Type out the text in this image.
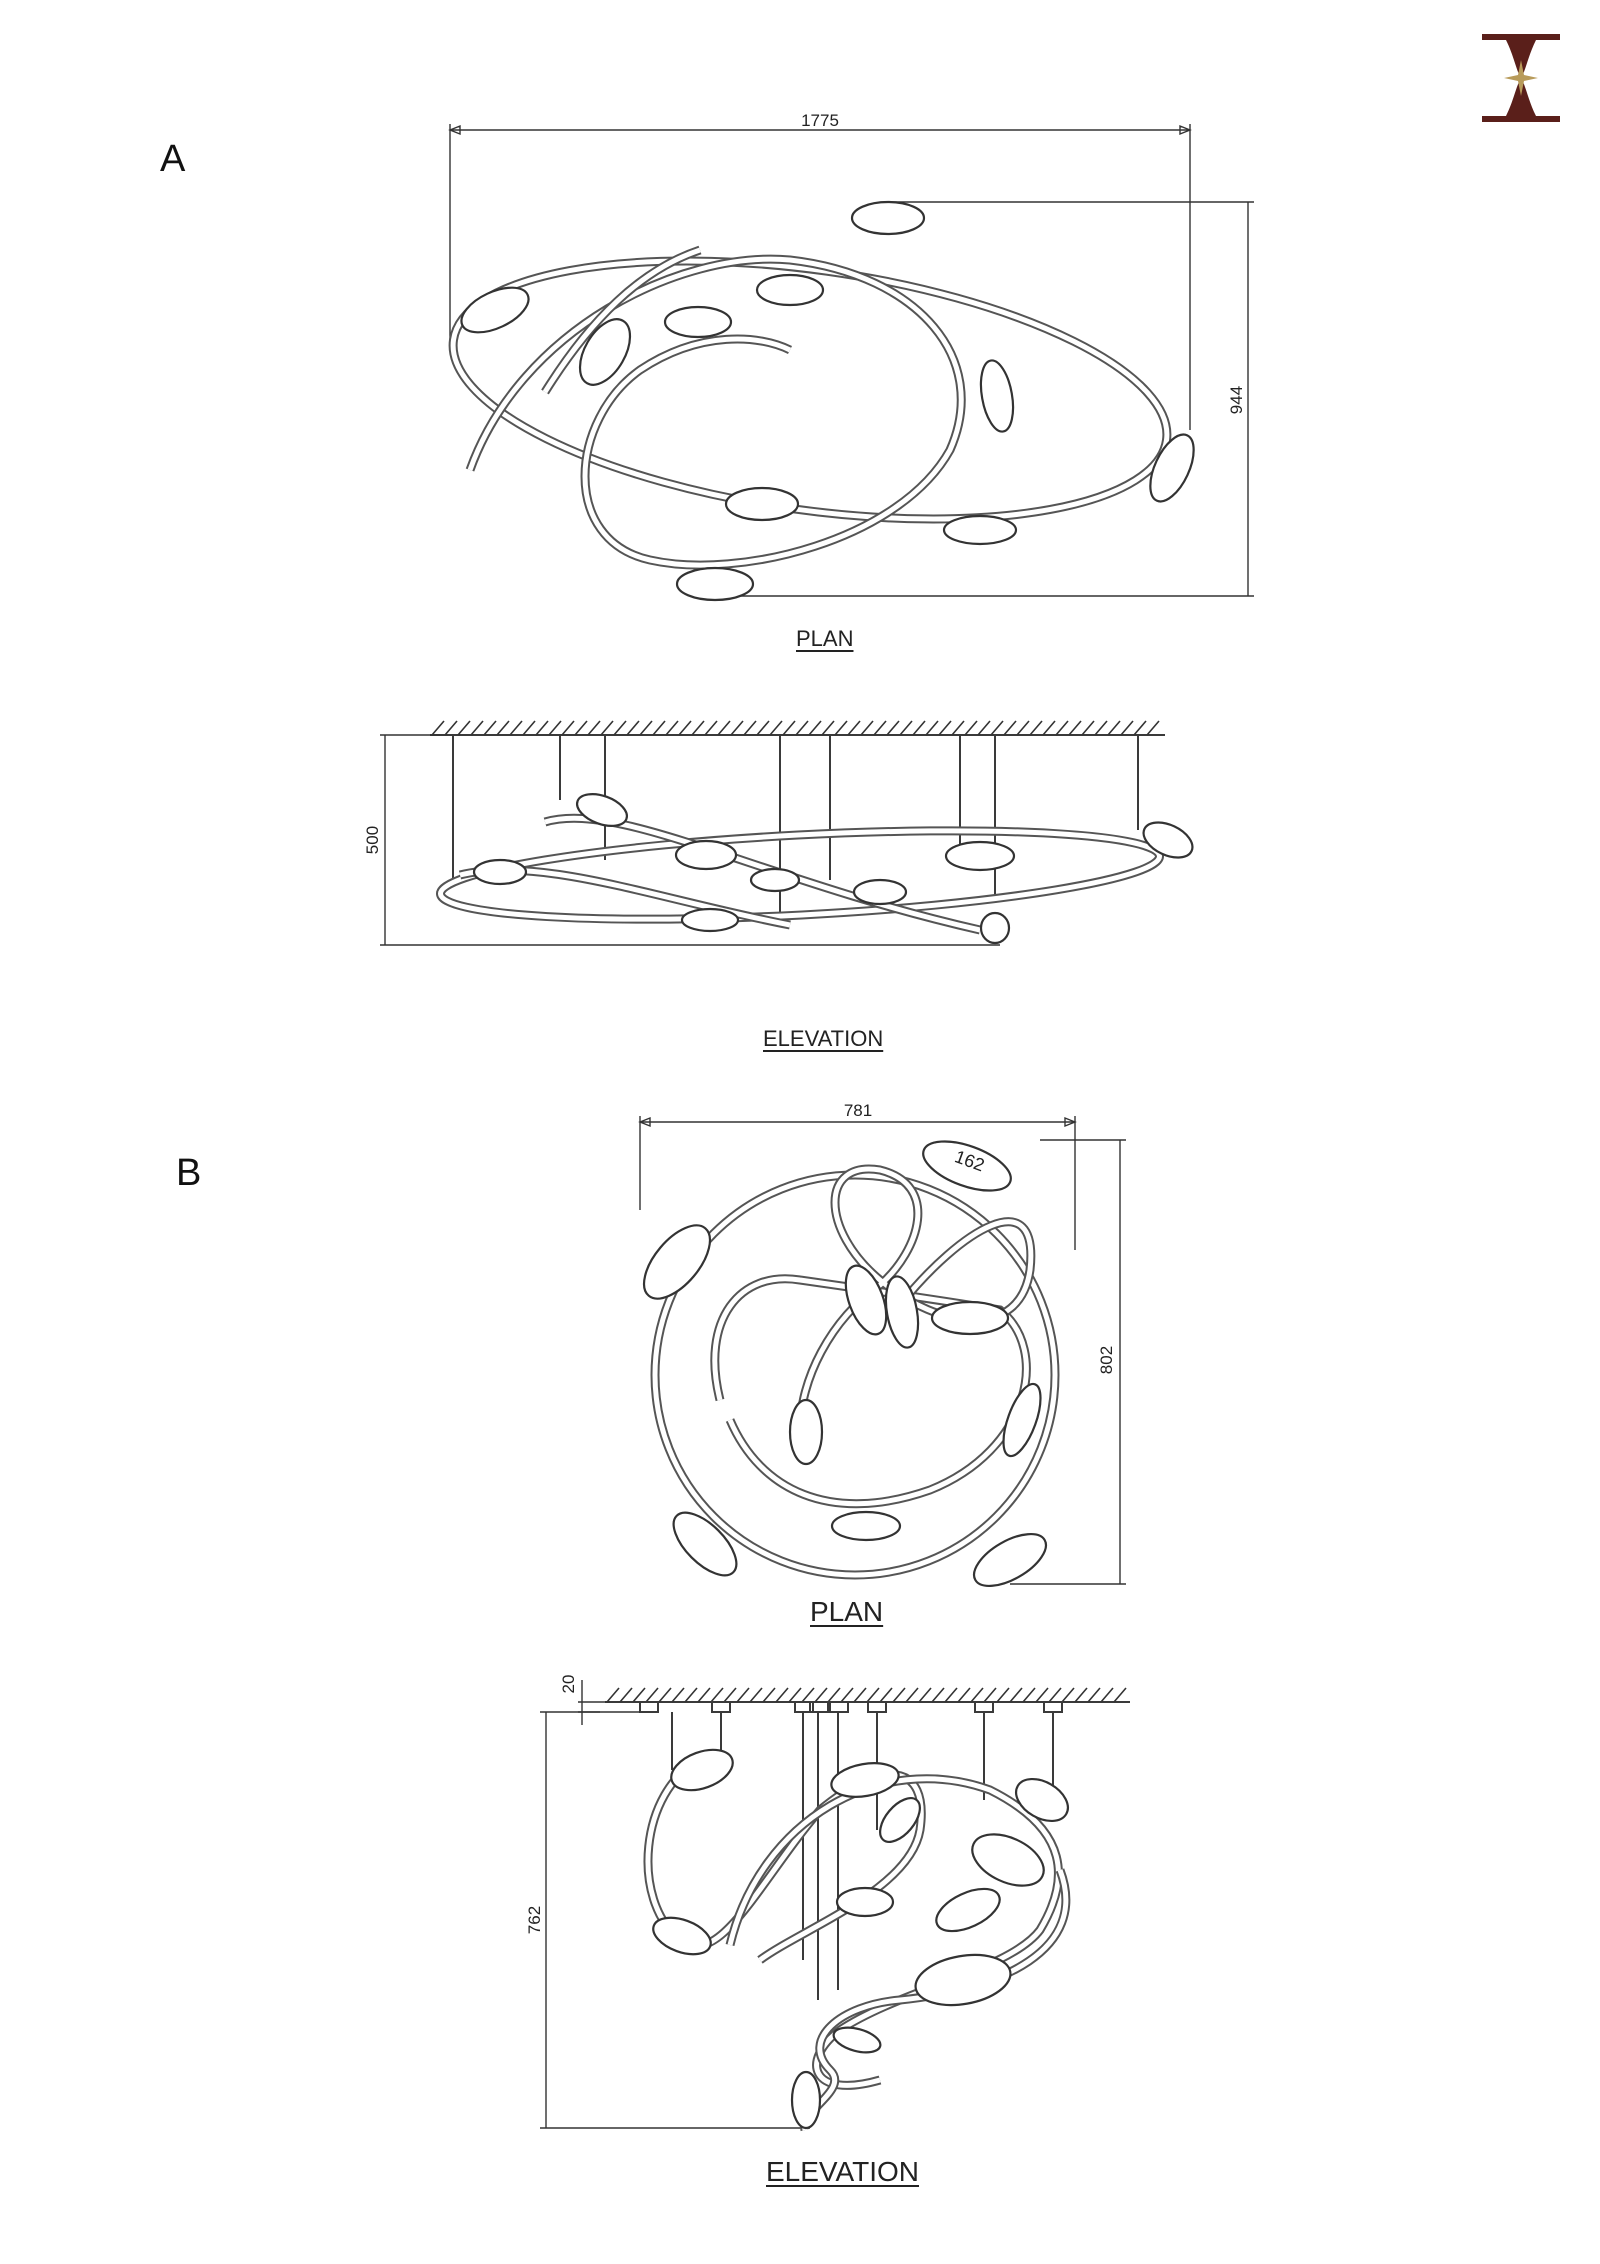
A
B
PLAN
ELEVATION
PLAN
ELEVATION
1775
944
500
781
802
162
20
762
